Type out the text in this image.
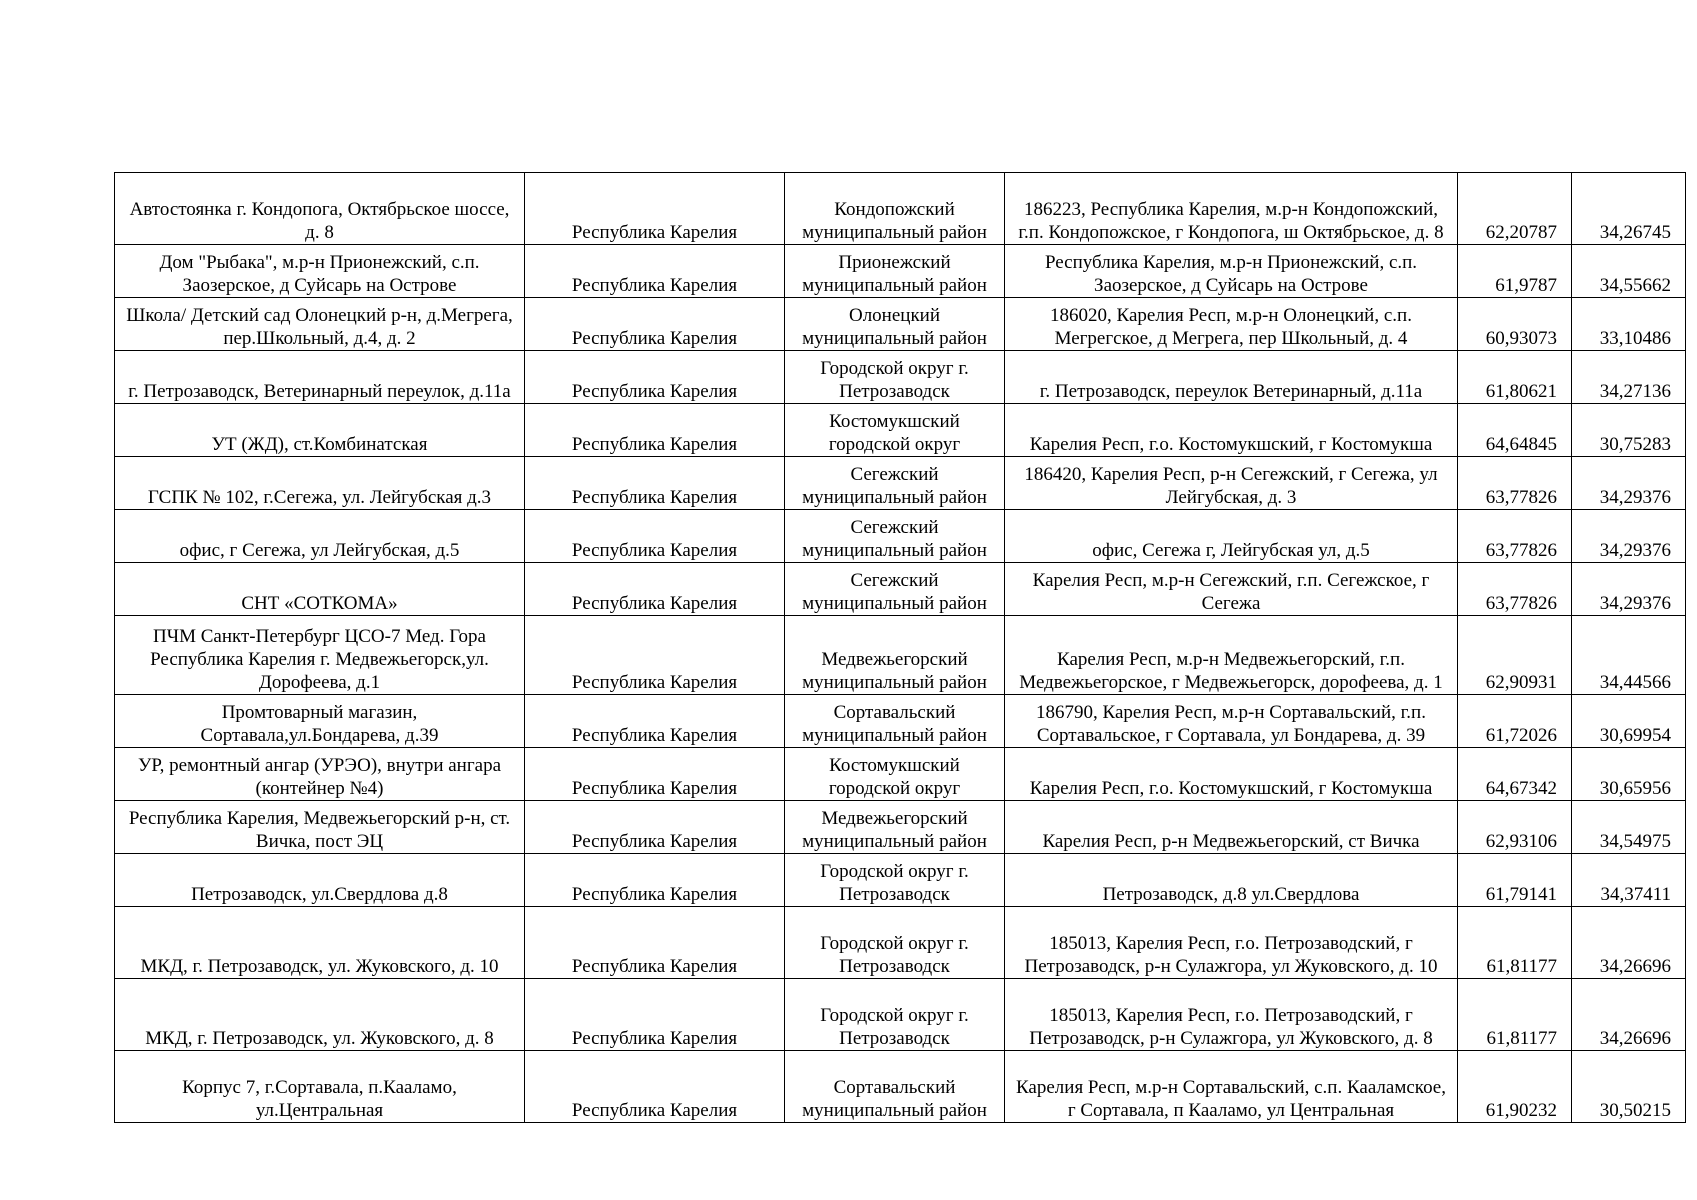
Автостоянка г. Кондопога, Октябрьское шоссе, д. 8	Республика Карелия	Кондопожский муниципальный район	186223, Республика Карелия, м.р-н Кондопожский, г.п. Кондопожское, г Кондопога, ш Октябрьское, д. 8	62,20787	34,26745
Дом "Рыбака", м.р-н Прионежский, с.п. Заозерское, д Суйсарь на Острове	Республика Карелия	Прионежский муниципальный район	Республика Карелия, м.р-н Прионежский, с.п. Заозерское, д Суйсарь на Острове	61,9787	34,55662
Школа/ Детский сад Олонецкий р-н, д.Мегрега, пер.Школьный, д.4, д. 2	Республика Карелия	Олонецкий муниципальный район	186020, Карелия Респ, м.р-н Олонецкий, с.п. Мегрегское, д Мегрега, пер Школьный, д. 4	60,93073	33,10486
г. Петрозаводск, Ветеринарный переулок, д.11а	Республика Карелия	Городской округ г. Петрозаводск	г. Петрозаводск, переулок Ветеринарный, д.11а	61,80621	34,27136
УТ (ЖД), ст.Комбинатская	Республика Карелия	Костомукшский городской округ	Карелия Респ, г.о. Костомукшский, г Костомукша	64,64845	30,75283
ГСПК № 102, г.Сегежа, ул. Лейгубская д.3	Республика Карелия	Сегежский муниципальный район	186420, Карелия Респ, р-н Сегежский, г Сегежа, ул Лейгубская, д. 3	63,77826	34,29376
офис, г Сегежа, ул Лейгубская, д.5	Республика Карелия	Сегежский муниципальный район	офис, Сегежа г, Лейгубская ул, д.5	63,77826	34,29376
СНТ «СОТКОМА»	Республика Карелия	Сегежский муниципальный район	Карелия Респ, м.р-н Сегежский, г.п. Сегежское, г Сегежа	63,77826	34,29376
ПЧМ Санкт-Петербург ЦСО-7 Мед. Гора Республика Карелия г. Медвежьегорск,ул. Дорофеева, д.1	Республика Карелия	Медвежьегорский муниципальный район	Карелия Респ, м.р-н Медвежьегорский, г.п. Медвежьегорское, г Медвежьегорск, дорофеева, д. 1	62,90931	34,44566
Промтоварный магазин, Сортавала,ул.Бондарева, д.39	Республика Карелия	Сортавальский муниципальный район	186790, Карелия Респ, м.р-н Сортавальский, г.п. Сортавальское, г Сортавала, ул Бондарева, д. 39	61,72026	30,69954
УР, ремонтный ангар (УРЭО), внутри ангара (контейнер №4)	Республика Карелия	Костомукшский городской округ	Карелия Респ, г.о. Костомукшский, г Костомукша	64,67342	30,65956
Республика Карелия, Медвежьегорский р-н, ст. Вичка, пост ЭЦ	Республика Карелия	Медвежьегорский муниципальный район	Карелия Респ, р-н Медвежьегорский, ст Вичка	62,93106	34,54975
Петрозаводск, ул.Свердлова д.8	Республика Карелия	Городской округ г. Петрозаводск	Петрозаводск, д.8 ул.Свердлова	61,79141	34,37411
МКД, г. Петрозаводск, ул. Жуковского, д. 10	Республика Карелия	Городской округ г. Петрозаводск	185013, Карелия Респ, г.о. Петрозаводский, г Петрозаводск, р-н Сулажгора, ул Жуковского, д. 10	61,81177	34,26696
МКД, г. Петрозаводск, ул. Жуковского, д. 8	Республика Карелия	Городской округ г. Петрозаводск	185013, Карелия Респ, г.о. Петрозаводский, г Петрозаводск, р-н Сулажгора, ул Жуковского, д. 8	61,81177	34,26696
Корпус 7, г.Сортавала, п.Кааламо, ул.Центральная	Республика Карелия	Сортавальский муниципальный район	Карелия Респ, м.р-н Сортавальский, с.п. Кааламское, г Сортавала, п Кааламо, ул Центральная	61,90232	30,50215
